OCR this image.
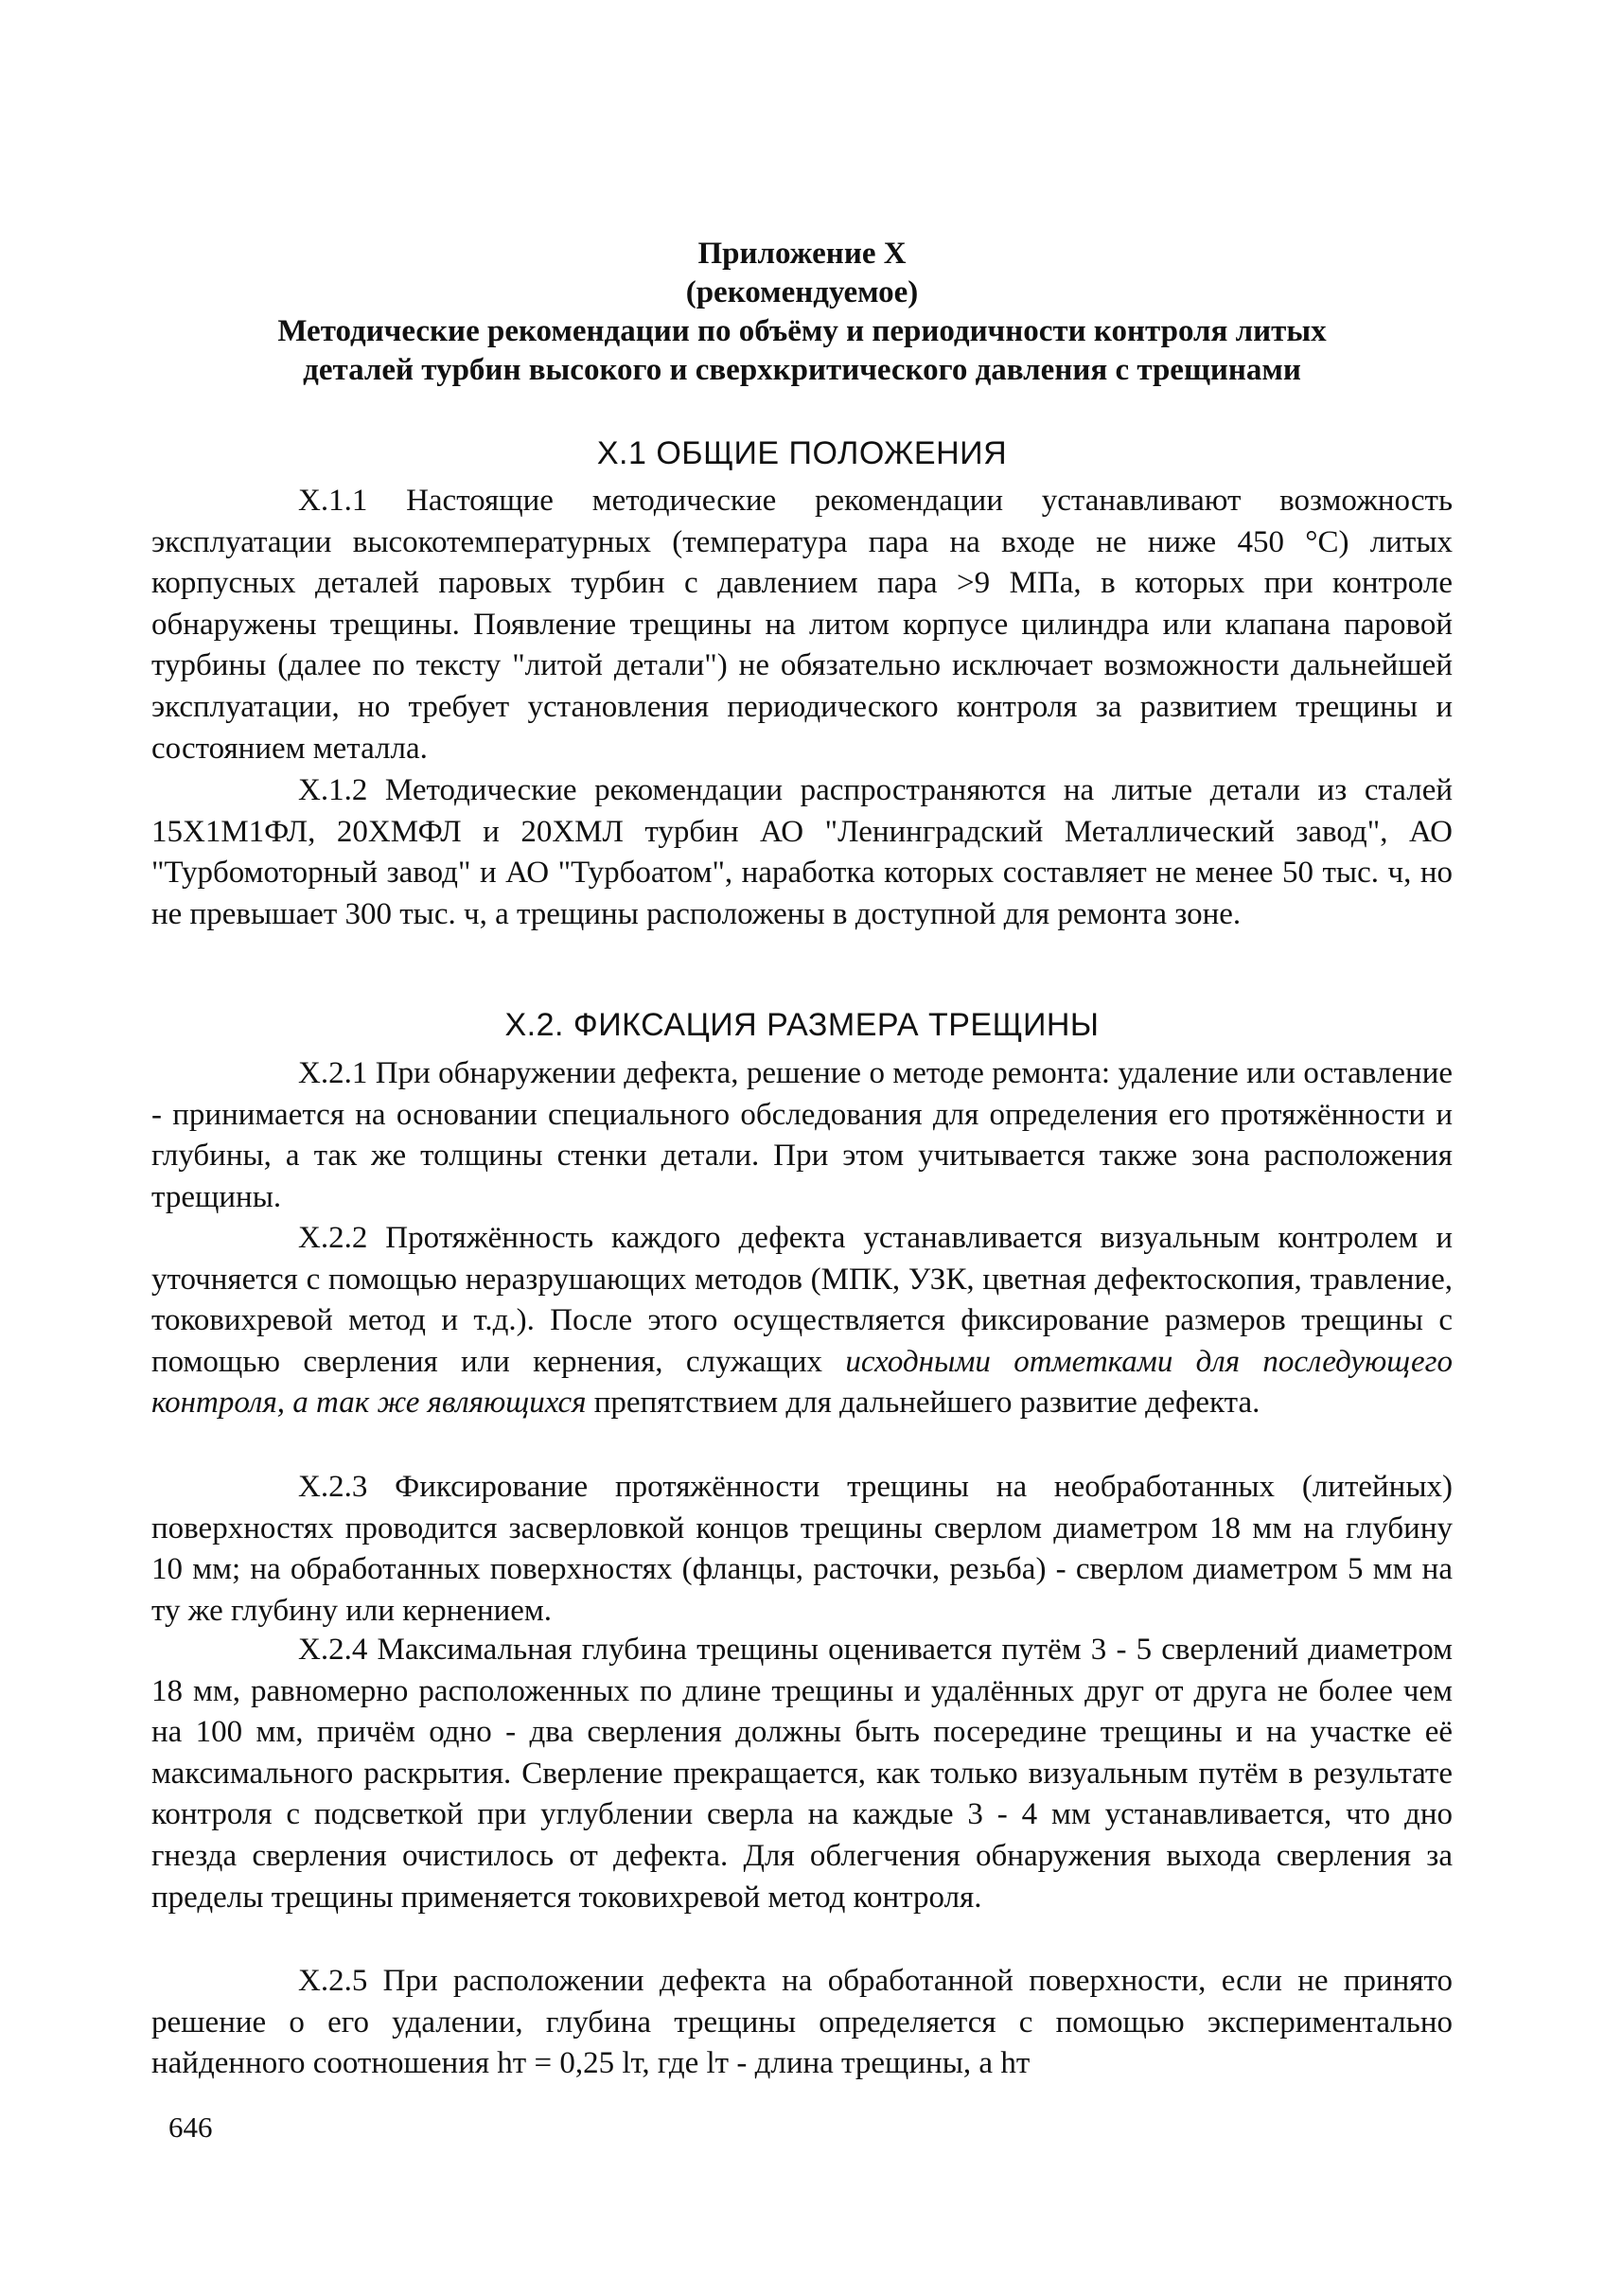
Приложение X
(рекомендуемое)
Методические рекомендации по объёму и периодичности контроля литых
деталей турбин высокого и сверхкритического давления с трещинами
X.1 ОБЩИЕ ПОЛОЖЕНИЯ

X.1.1 Настоящие методические рекомендации устанавливают возможность эксплуатации высокотемпературных (температура пара на входе не ниже 450 °С) литых корпусных деталей паровых турбин с давлением пара >9 МПа, в которых при контроле обнаружены трещины. Появление трещины на литом корпусе цилиндра или клапана паровой турбины (далее по тексту "литой детали") не обязательно исключает возможности дальнейшей эксплуатации, но требует установления периодического контроля за развитием трещины и состоянием металла.

X.1.2 Методические рекомендации распространяются на литые детали из сталей 15Х1М1ФЛ, 20ХМФЛ и 20ХМЛ турбин АО "Ленинградский Металлический завод", АО "Турбомоторный завод" и АО "Турбоатом", наработка которых составляет не менее 50 тыс. ч, но не превышает 300 тыс. ч, а трещины расположены в доступной для ремонта зоне.

X.2. ФИКСАЦИЯ РАЗМЕРА ТРЕЩИНЫ

X.2.1 При обнаружении дефекта, решение о методе ремонта: удаление или оставление - принимается на основании специального обследования для определения его протяжённости и глубины, а так же толщины стенки детали. При этом учитывается также зона расположения трещины.

X.2.2 Протяжённость каждого дефекта устанавливается визуальным контролем и уточняется с помощью неразрушающих методов (МПК, УЗК, цветная дефектоскопия, травление, токовихревой метод и т.д.). После этого осуществляется фиксирование размеров трещины с помощью сверления или кернения, служащих исходными отметками для последующего контроля, а так же являющихся препятствием для дальнейшего развитие дефекта.

X.2.3 Фиксирование протяжённости трещины на необработанных (литейных) поверхностях проводится засверловкой концов трещины сверлом диаметром 18 мм на глубину 10 мм; на обработанных поверхностях (фланцы, расточки, резьба) - сверлом диаметром 5 мм на ту же глубину или кернением.

X.2.4 Максимальная глубина трещины оценивается путём 3 - 5 сверлений диаметром 18 мм, равномерно расположенных по длине трещины и удалённых друг от друга не более чем на 100 мм, причём одно - два сверления должны быть посередине трещины и на участке её максимального раскрытия. Сверление прекращается, как только визуальным путём в результате контроля с подсветкой при углублении сверла на каждые 3 - 4 мм устанавливается, что дно гнезда сверления очистилось от дефекта. Для облегчения обнаружения выхода сверления за пределы трещины применяется токовихревой метод контроля.

X.2.5 При расположении дефекта на обработанной поверхности, если не принято решение о его удалении, глубина трещины определяется с помощью экспериментально найденного соотношения hт = 0,25 lт, где lт - длина трещины, а hт

646
